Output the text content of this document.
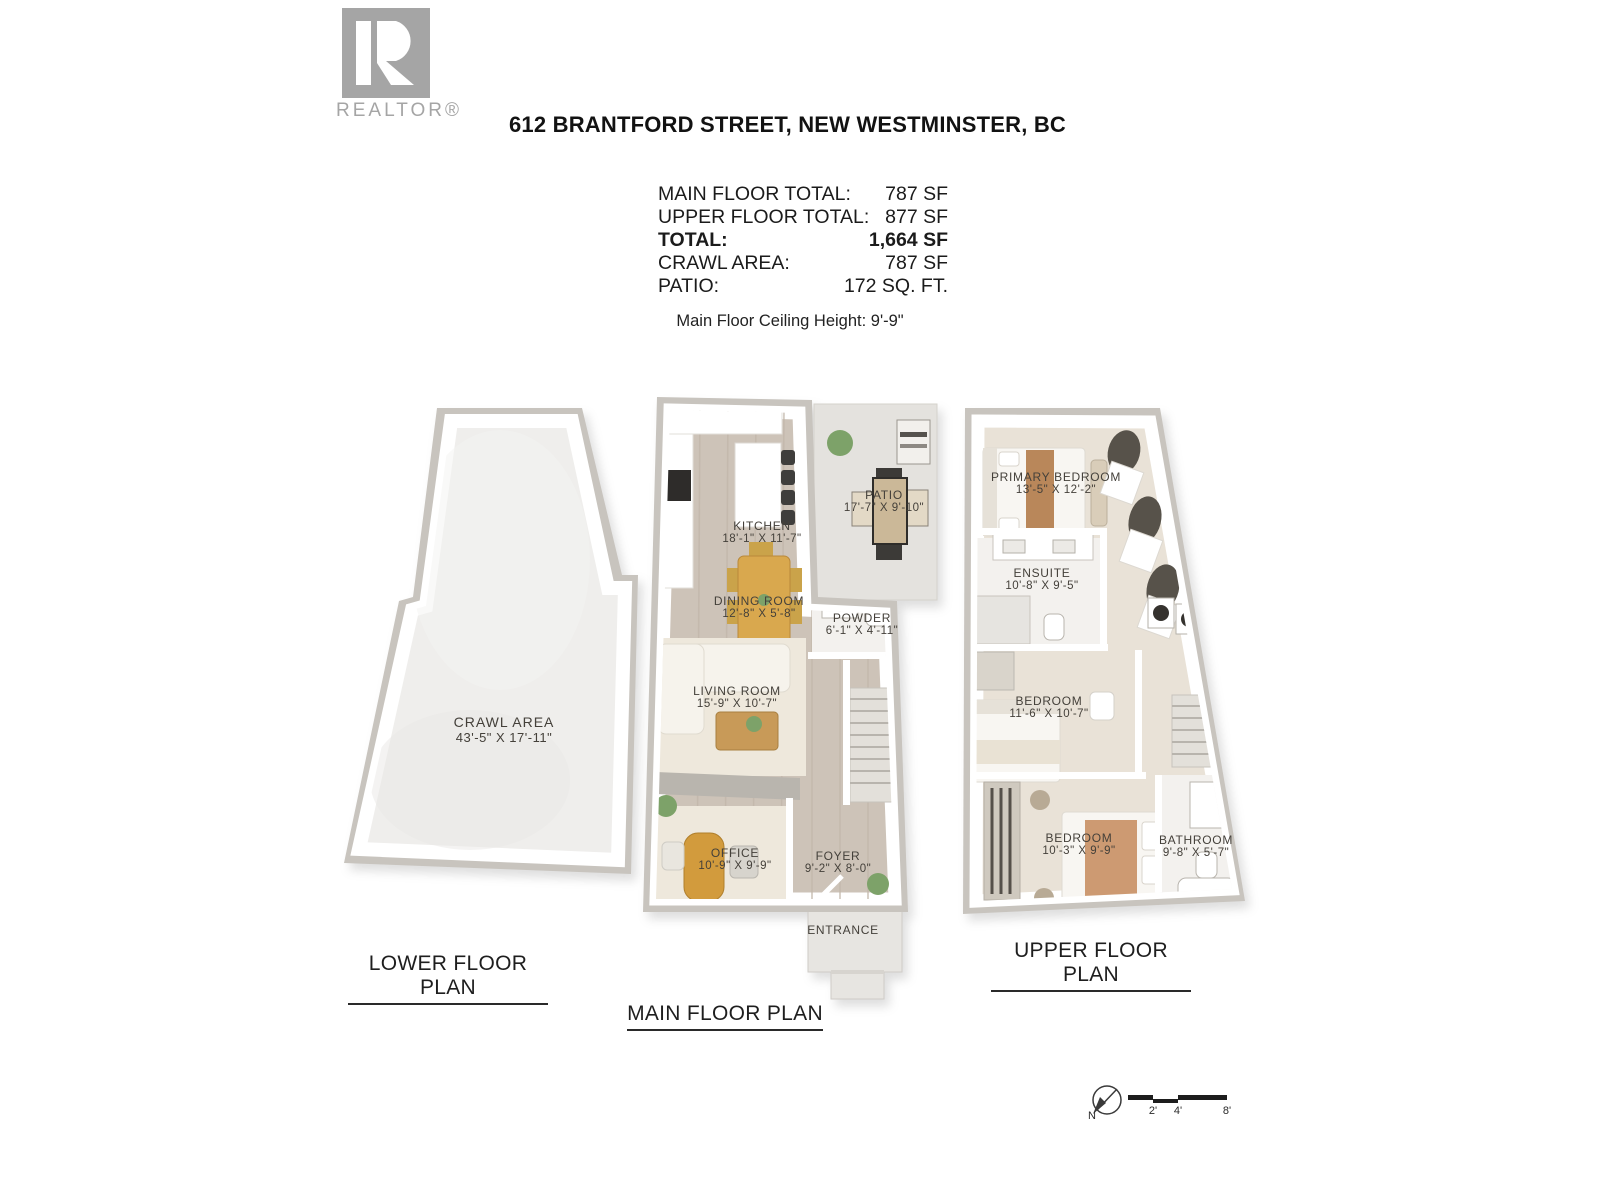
REALTOR®
612 BRANTFORD STREET, NEW WESTMINSTER, BC
MAIN FLOOR TOTAL: 787 SF
UPPER FLOOR TOTAL: 877 SF
TOTAL:	1,664 SF
CRAWL AREA:	787 SF
PATIO:	172 SQ. FT.
Main Floor Ceiling Height: 9'-9"
CRAWL AREA
43'-5" X 17'-11"
KITCHEN
18'-1" X 11'-7"
PATIO
17'-7" X 9'-10"
DINING ROOM
12'-8" X 5'-8"	POWDER
6'-1" X 4'-11"
LIVING ROOM
15'-9" X 10'-7"
OFFICE
10'-9" X 9'-9"
FOYER
9'-2" X 8'-0"
ENTRANCE
PRIMARY BEDROOM
13'-5" X 12'-2"
ENSUITE
10'-8" X 9'-5"
BEDROOM
11'-6" X 10'-7"
BEDROOM
10'-3" X 9'-9"
BATHROOM
9'-8" X 5'-7"
LOWER FLOOR PLAN
MAIN FLOOR PLAN
UPPER FLOOR PLAN
N	2'	4'	8'
